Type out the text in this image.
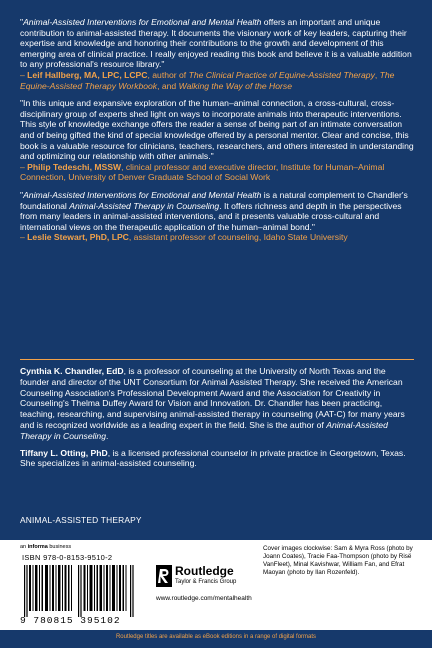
"Animal-Assisted Interventions for Emotional and Mental Health offers an important and unique contribution to animal-assisted therapy. It documents the visionary work of key leaders, capturing their expertise and knowledge and honoring their contributions to the growth and development of this emerging area of clinical practice. I really enjoyed reading this book and believe it is a valuable addition to any professional's resource library."

– Leif Hallberg, MA, LPC, LCPC, author of The Clinical Practice of Equine-Assisted Therapy, The Equine-Assisted Therapy Workbook, and Walking the Way of the Horse

"In this unique and expansive exploration of the human–animal connection, a cross-cultural, cross-disciplinary group of experts shed light on ways to incorporate animals into therapeutic interventions. This style of knowledge exchange offers the reader a sense of being part of an intimate conversation and of being gifted the kind of special knowledge offered by a personal mentor. Clear and concise, this book is a valuable resource for clinicians, teachers, researchers, and others interested in understanding and optimizing our relationship with other animals."

– Philip Tedeschi, MSSW, clinical professor and executive director, Institute for Human–Animal Connection, University of Denver Graduate School of Social Work

"Animal-Assisted Interventions for Emotional and Mental Health is a natural complement to Chandler's foundational Animal-Assisted Therapy in Counseling. It offers richness and depth in the perspectives from many leaders in animal-assisted interventions, and it presents valuable cross-cultural and international views on the therapeutic application of the human–animal bond."

– Leslie Stewart, PhD, LPC, assistant professor of counseling, Idaho State University

Cynthia K. Chandler, EdD, is a professor of counseling at the University of North Texas and the founder and director of the UNT Consortium for Animal Assisted Therapy. She received the American Counseling Association's Professional Development Award and the Association for Creativity in Counseling's Thelma Duffey Award for Vision and Innovation. Dr. Chandler has been practicing, teaching, researching, and supervising animal-assisted therapy in counseling (AAT-C) for many years and is recognized worldwide as a leading expert in the field. She is the author of Animal-Assisted Therapy in Counseling.

Tiffany L. Otting, PhD, is a licensed professional counselor in private practice in Georgetown, Texas. She specializes in animal-assisted counseling.

ANIMAL-ASSISTED THERAPY
an informa business
ISBN 978-0-8153-9510-2
9 780815 395102
Routledge
Taylor & Francis Group
www.routledge.com/mentalhealth
Cover images clockwise: Sam & Myra Ross (photo by Joann Coates), Tracie Faa-Thompson (photo by Risë VanFleet), Minal Kavishwar, William Fan, and Efrat Maoyan (photo by Ilan Rozenfeld).
Routledge titles are available as eBook editions in a range of digital formats
